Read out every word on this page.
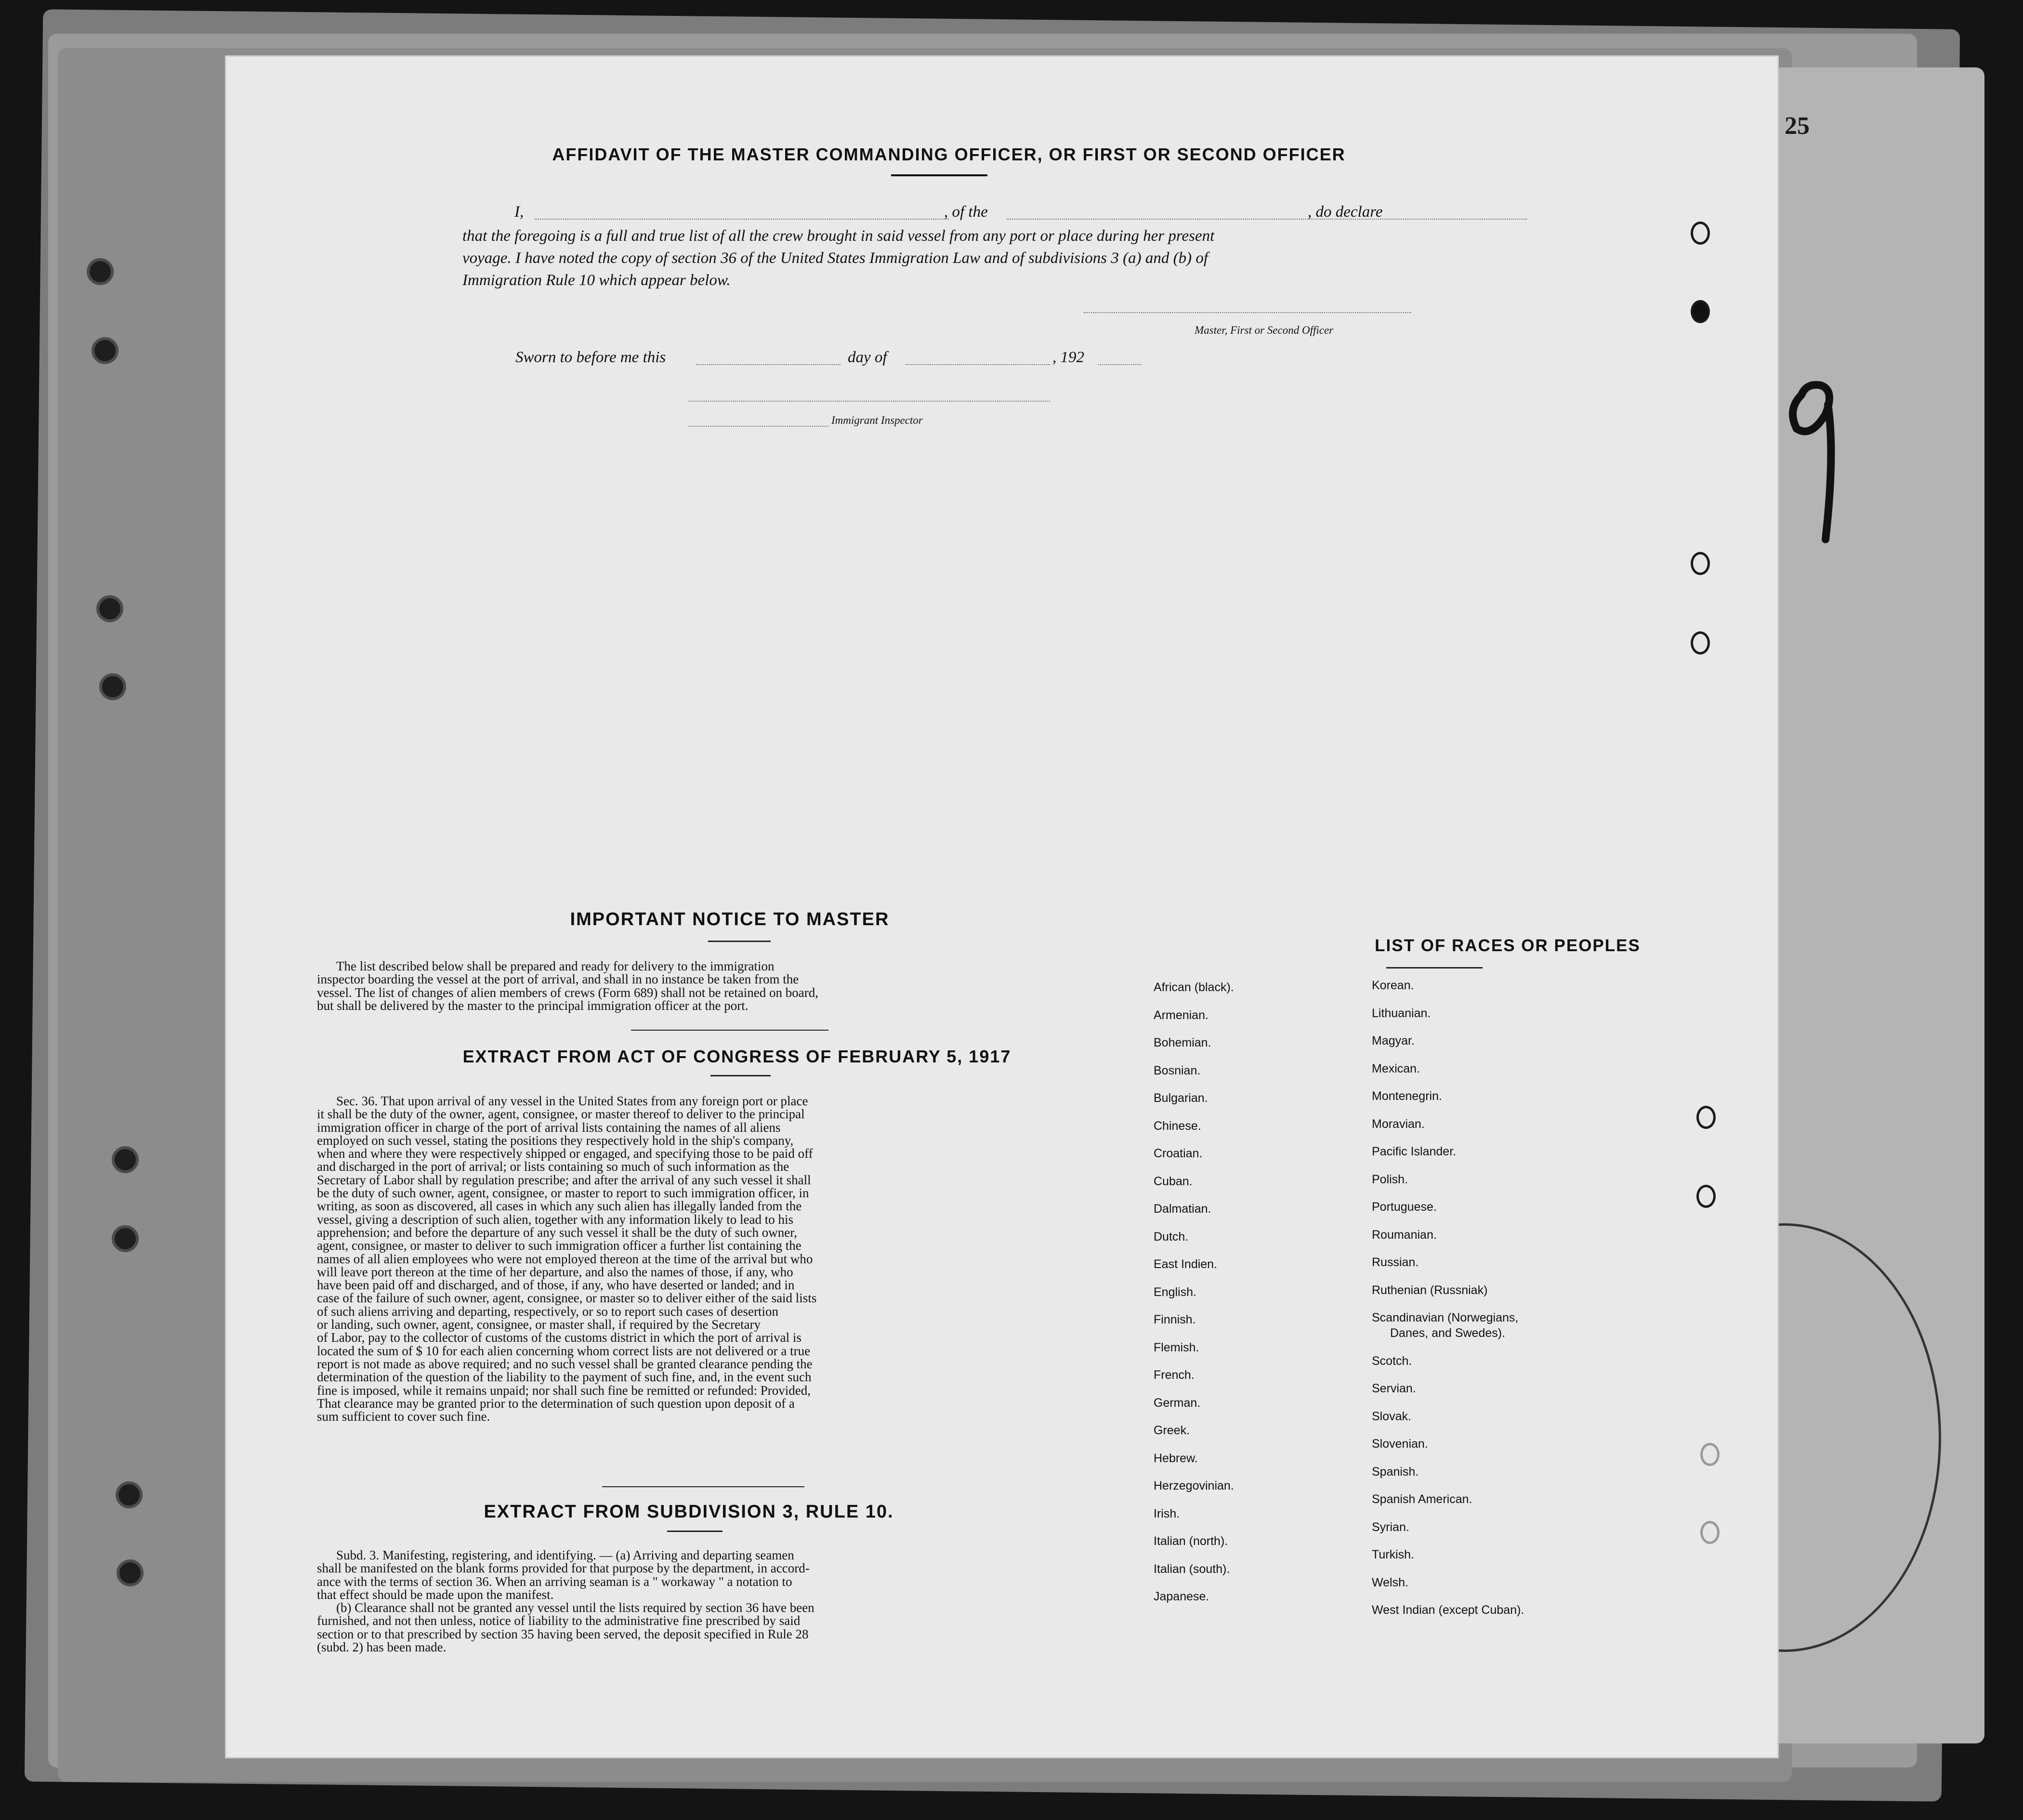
25
AFFIDAVIT OF THE MASTER COMMANDING OFFICER, OR FIRST OR SECOND OFFICER
I,	, of the	, do declare
that the foregoing is a full and true list of all the crew brought in said vessel from any port or place during her present
voyage. I have noted the copy of section 36 of the United States Immigration Law and of subdivisions 3 (a) and (b) of
Immigration Rule 10 which appear below.
Master, First or Second Officer
Sworn to before me this	day of	, 192
Immigrant Inspector
IMPORTANT NOTICE TO MASTER
The list described below shall be prepared and ready for delivery to the immigration
inspector boarding the vessel at the port of arrival, and shall in no instance be taken from the
vessel. The list of changes of alien members of crews (Form 689) shall not be retained on board,
but shall be delivered by the master to the principal immigration officer at the port.
EXTRACT FROM ACT OF CONGRESS OF FEBRUARY 5, 1917
Sec. 36. That upon arrival of any vessel in the United States from any foreign port or place
it shall be the duty of the owner, agent, consignee, or master thereof to deliver to the principal
immigration officer in charge of the port of arrival lists containing the names of all aliens
employed on such vessel, stating the positions they respectively hold in the ship's company,
when and where they were respectively shipped or engaged, and specifying those to be paid off
and discharged in the port of arrival; or lists containing so much of such information as the
Secretary of Labor shall by regulation prescribe; and after the arrival of any such vessel it shall
be the duty of such owner, agent, consignee, or master to report to such immigration officer, in
writing, as soon as discovered, all cases in which any such alien has illegally landed from the
vessel, giving a description of such alien, together with any information likely to lead to his
apprehension; and before the departure of any such vessel it shall be the duty of such owner,
agent, consignee, or master to deliver to such immigration officer a further list containing the
names of all alien employees who were not employed thereon at the time of the arrival but who
will leave port thereon at the time of her departure, and also the names of those, if any, who
have been paid off and discharged, and of those, if any, who have deserted or landed; and in
case of the failure of such owner, agent, consignee, or master so to deliver either of the said lists
of such aliens arriving and departing, respectively, or so to report such cases of desertion
or landing, such owner, agent, consignee, or master shall, if required by the Secretary
of Labor, pay to the collector of customs of the customs district in which the port of arrival is
located the sum of $ 10 for each alien concerning whom correct lists are not delivered or a true
report is not made as above required; and no such vessel shall be granted clearance pending the
determination of the question of the liability to the payment of such fine, and, in the event such
fine is imposed, while it remains unpaid; nor shall such fine be remitted or refunded: Provided,
That clearance may be granted prior to the determination of such question upon deposit of a
sum sufficient to cover such fine.
EXTRACT FROM SUBDIVISION 3, RULE 10.
Subd. 3. Manifesting, registering, and identifying. — (a) Arriving and departing seamen
shall be manifested on the blank forms provided for that purpose by the department, in accord-
ance with the terms of section 36. When an arriving seaman is a " workaway " a notation to
that effect should be made upon the manifest.
(b) Clearance shall not be granted any vessel until the lists required by section 36 have been
furnished, and not then unless, notice of liability to the administrative fine prescribed by said
section or to that prescribed by section 35 having been served, the deposit specified in Rule 28
(subd. 2) has been made.
LIST OF RACES OR PEOPLES
African (black).
Armenian.
Bohemian.
Bosnian.
Bulgarian.
Chinese.
Croatian.
Cuban.
Dalmatian.
Dutch.
East Indien.
English.
Finnish.
Flemish.
French.
German.
Greek.
Hebrew.
Herzegovinian.
Irish.
Italian (north).
Italian (south).
Japanese.
Korean.
Lithuanian.
Magyar.
Mexican.
Montenegrin.
Moravian.
Pacific Islander.
Polish.
Portuguese.
Roumanian.
Russian.
Ruthenian (Russniak)
Scandinavian (Norwegians,
Danes, and Swedes).
Scotch.
Servian.
Slovak.
Slovenian.
Spanish.
Spanish American.
Syrian.
Turkish.
Welsh.
West Indian (except Cuban).
